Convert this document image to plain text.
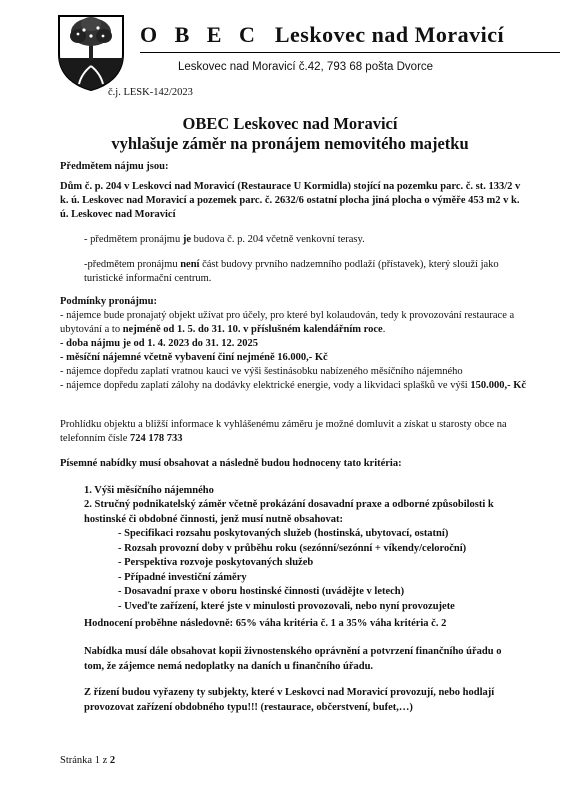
O B E C Leskovec nad Moravicí
Leskovec nad Moravicí č.42, 793 68 pošta Dvorce
č.j. LESK-142/2023
OBEC Leskovec nad Moravicí
vyhlašuje záměr na pronájem nemovitého majetku
Předmětem nájmu jsou:
Dům č. p. 204 v Leskovci nad Moravicí (Restaurace U Kormidla) stojící na pozemku parc. č. st. 133/2 v k. ú. Leskovec nad Moravicí a pozemek parc. č. 2632/6 ostatní plocha jiná plocha o výměře 453 m2 v k. ú. Leskovec nad Moravicí
- předmětem pronájmu je budova č. p. 204 včetně venkovní terasy.
-předmětem pronájmu není část budovy prvního nadzemního podlaží (přístavek), který slouží jako turistické informační centrum.
Podmínky pronájmu:
- nájemce bude pronajatý objekt užívat pro účely, pro které byl kolaudován, tedy k provozování restaurace a ubytování a to nejméně od 1. 5. do 31. 10. v příslušném kalendářním roce.
- doba nájmu je od 1. 4. 2023 do 31. 12. 2025
- měsíční nájemné včetně vybavení činí nejméně 16.000,- Kč
- nájemce dopředu zaplatí vratnou kauci ve výši šestinásobku nabízeného měsíčního nájemného
- nájemce dopředu zaplatí zálohy na dodávky elektrické energie, vody a likvidaci splašků ve výši 150.000,- Kč
Prohlídku objektu a bližší informace k vyhlášenému záměru je možné domluvit a získat u starosty obce na telefonním čísle 724 178 733
Písemné nabídky musí obsahovat a následně budou hodnoceny tato kritéria:
1. Výši měsíčního nájemného
2. Stručný podnikatelský záměr včetně prokázání dosavadní praxe a odborné způsobilosti k hostinské či obdobné činnosti, jenž musí nutně obsahovat:
- Specifikaci rozsahu poskytovaných služeb (hostinská, ubytovací, ostatní)
- Rozsah provozní doby v průběhu roku (sezónní/sezónní + víkendy/celoroční)
- Perspektiva rozvoje poskytovaných služeb
- Případné investiční záměry
- Dosavadní praxe v oboru hostinské činnosti (uvádějte v letech)
- Uveďte zařízení, které jste v minulosti provozovali, nebo nyní provozujete
Hodnocení proběhne následovně: 65% váha kritéria č. 1 a 35% váha kritéria č. 2
Nabídka musí dále obsahovat kopii živnostenského oprávnění a potvrzení finančního úřadu o tom, že zájemce nemá nedoplatky na daních u finančního úřadu.
Z řízení budou vyřazeny ty subjekty, které v Leskovci nad Moravicí provozují, nebo hodlají provozovat zařízení obdobného typu!!! (restaurace, občerstvení, bufet,…)
Stránka 1 z 2
